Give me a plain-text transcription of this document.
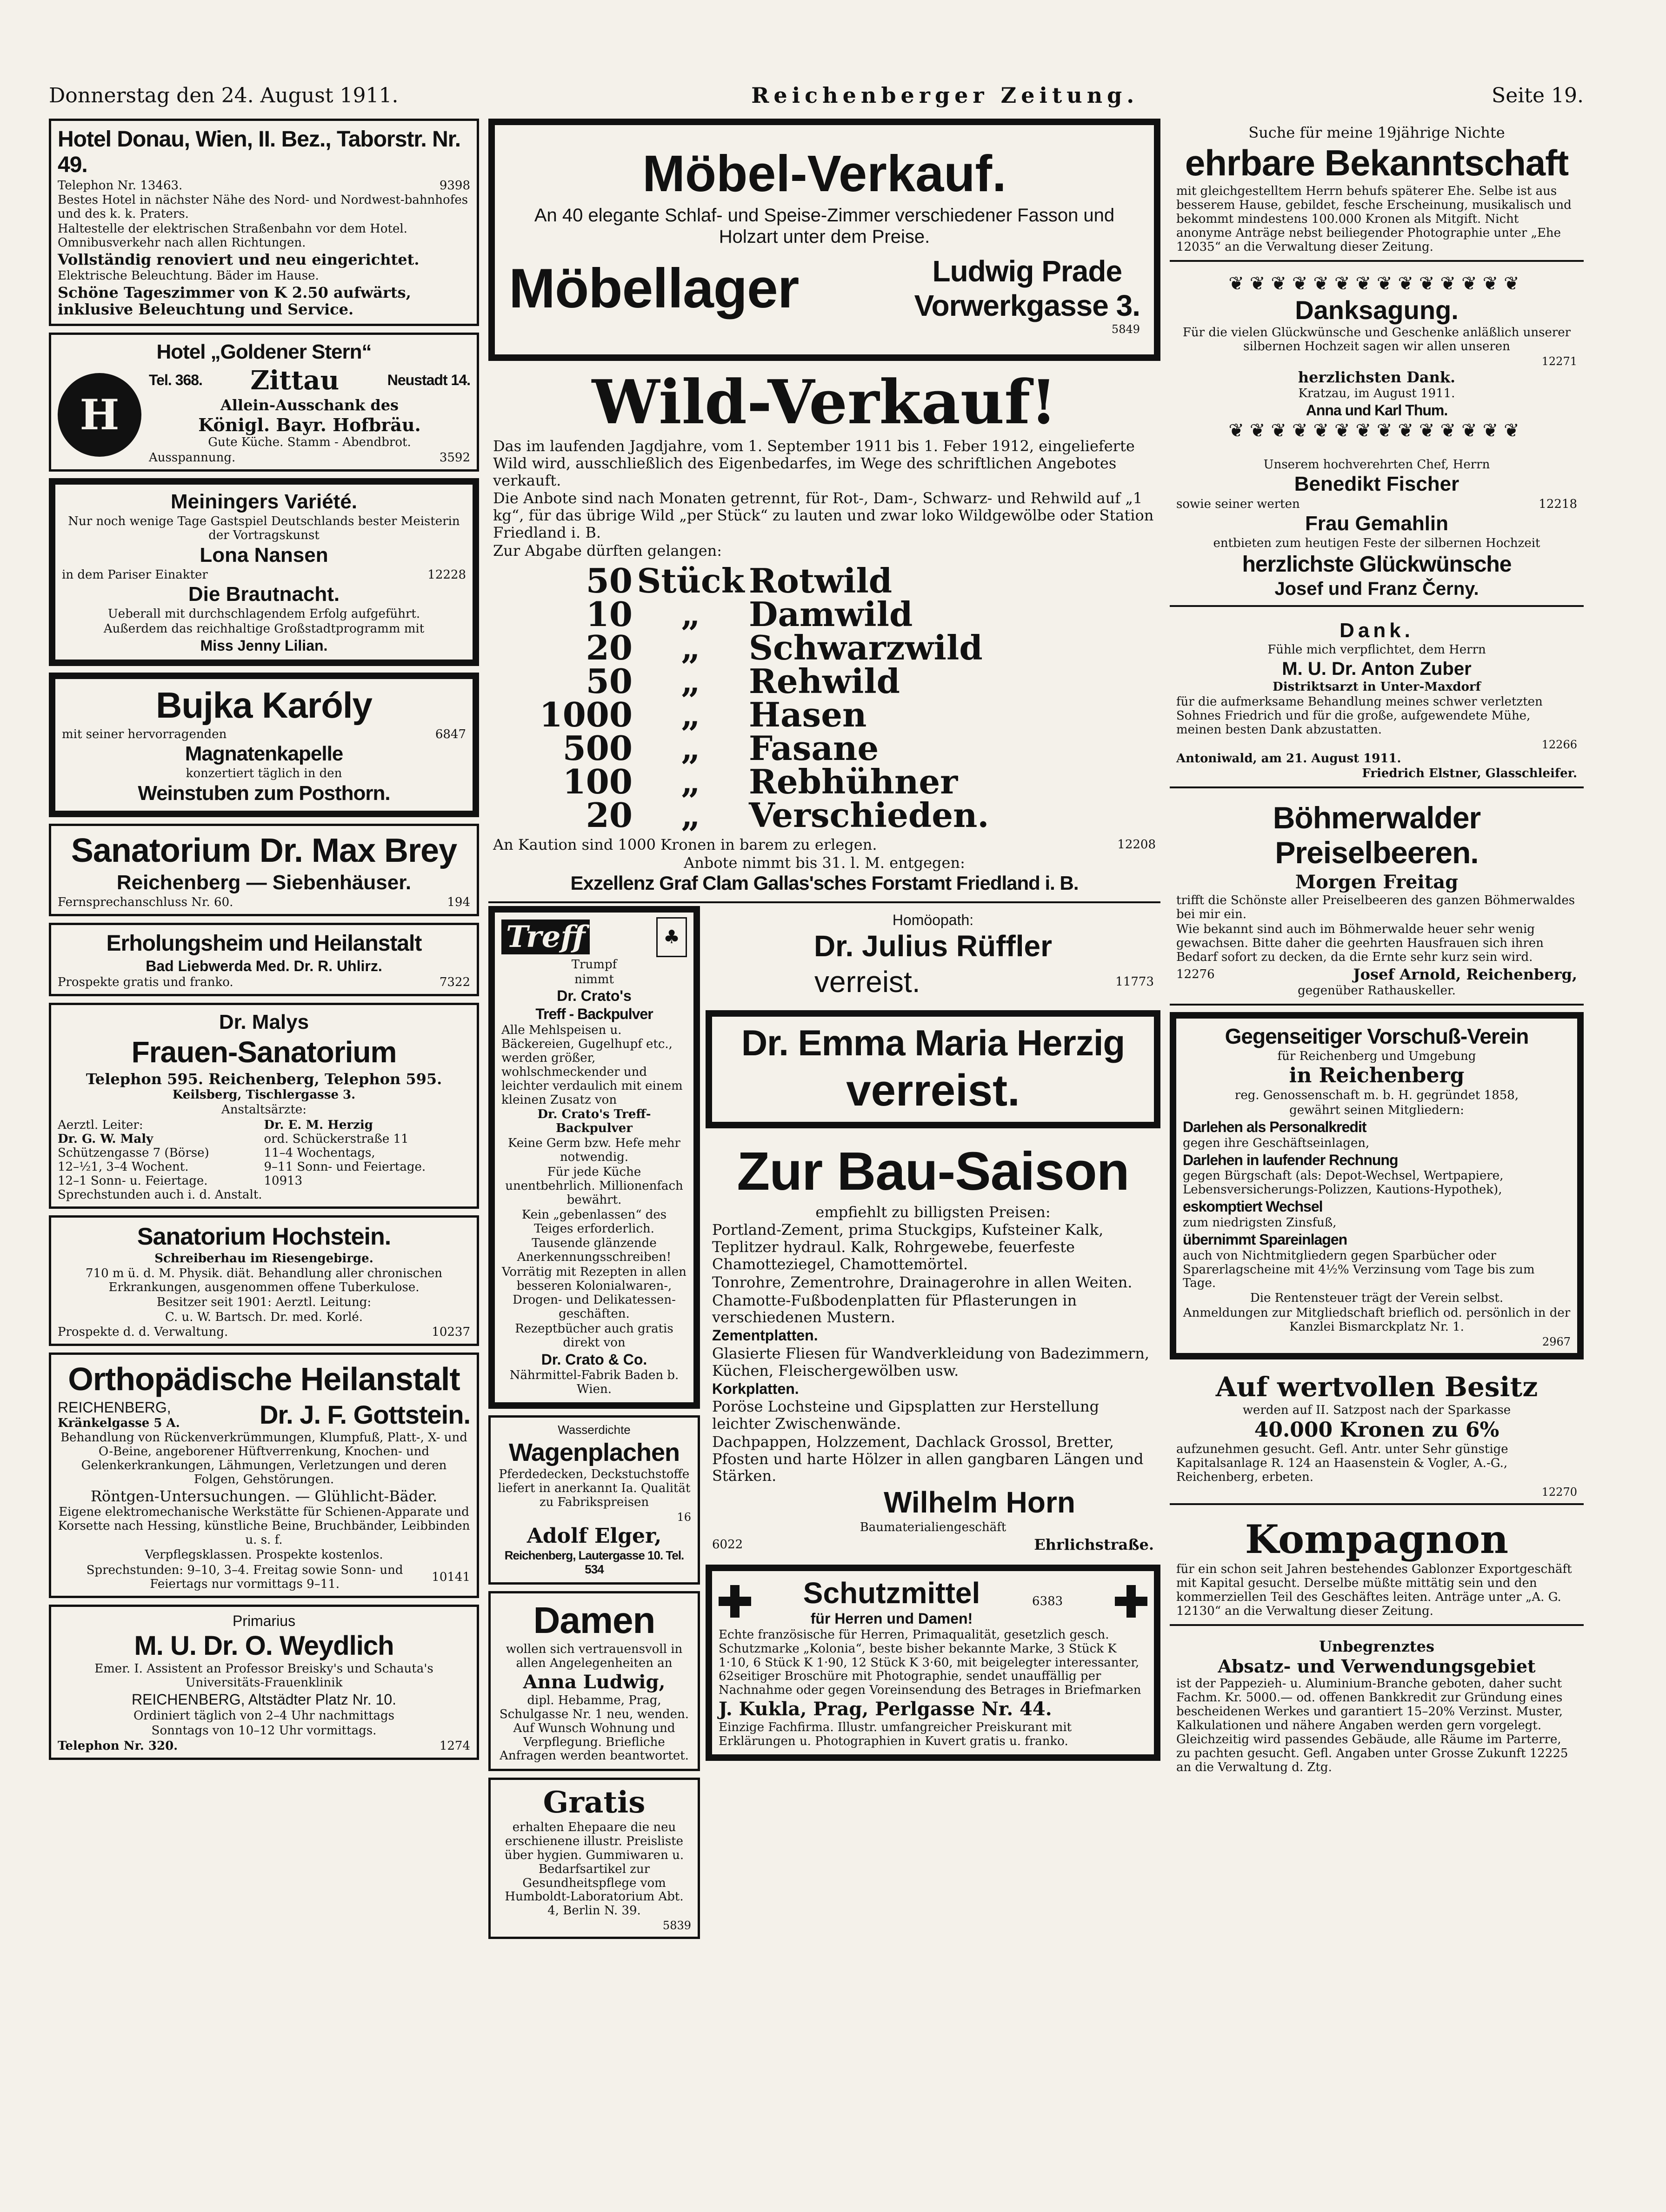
Donnerstag den 24. August 1911.	Reichenberger Zeitung.	Seite 19.
Hotel Donau, Wien, II. Bez., Taborstr. Nr. 49.
Telephon Nr. 13463.	9398
Bestes Hotel in nächster Nähe des Nord- und Nordwest-bahnhofes und des k. k. Praters.
Haltestelle der elektrischen Straßenbahn vor dem Hotel. Omnibusverkehr nach allen Richtungen.
Vollständig renoviert und neu eingerichtet.
Elektrische Beleuchtung. Bäder im Hause.
Schöne Tageszimmer von K 2.50 aufwärts, inklusive Beleuchtung und Service.
Hotel „Goldener Stern“
H
Tel. 368. Zittau	Neustadt 14.
Allein-Ausschank des
Königl. Bayr. Hofbräu.
Gute Küche. Stamm - Abendbrot.
Ausspannung.	3592
Meiningers Variété.
Nur noch wenige Tage Gastspiel Deutschlands bester Meisterin der Vortragskunst
Lona Nansen
in dem Pariser Einakter	12228
Die Brautnacht.
Ueberall mit durchschlagendem Erfolg aufgeführt.
Außerdem das reichhaltige Großstadtprogramm mit
Miss Jenny Lilian.
Bujka Karóly
mit seiner hervorragenden	6847
Magnatenkapelle
konzertiert täglich in den
Weinstuben zum Posthorn.
Sanatorium Dr. Max Brey
Reichenberg — Siebenhäuser.
Fernsprechanschluss Nr. 60.	194
Erholungsheim und Heilanstalt
Bad Liebwerda Med. Dr. R. Uhlirz.
Prospekte gratis und franko.	7322
Dr. Malys
Frauen-Sanatorium
Telephon 595. Reichenberg, Telephon 595.
Keilsberg, Tischlergasse 3.
Anstaltsärzte:
Aerztl. Leiter:
Dr. G. W. Maly
Schützengasse 7 (Börse)
12–½1, 3–4 Wochent.
12–1 Sonn- u. Feiertage.
Sprechstunden auch i. d. Anstalt.
Dr. E. M. Herzig
ord. Schückerstraße 11
11–4 Wochentags,
9–11 Sonn- und Feiertage.
10913
Sanatorium Hochstein.
Schreiberhau im Riesengebirge.
710 m ü. d. M. Physik. diät. Behandlung aller chronischen Erkrankungen, ausgenommen offene Tuberkulose.
Besitzer seit 1901: Aerztl. Leitung:
C. u. W. Bartsch. Dr. med. Korlé.
Prospekte d. d. Verwaltung.	10237
Orthopädische Heilanstalt
REICHENBERG,
Kränkelgasse 5 A.	Dr. J. F. Gottstein.
Behandlung von Rückenverkrümmungen, Klumpfuß, Platt-, X- und O-Beine, angeborener Hüftverrenkung, Knochen- und Gelenkerkrankungen, Lähmungen, Verletzungen und deren Folgen, Gehstörungen.
Röntgen-Untersuchungen. — Glühlicht-Bäder.
Eigene elektromechanische Werkstätte für Schienen-Apparate und Korsette nach Hessing, künstliche Beine, Bruchbänder, Leibbinden u. s. f.
Verpflegsklassen. Prospekte kostenlos.
Sprechstunden: 9–10, 3–4. Freitag sowie Sonn- und Feiertags nur vormittags 9–11.	10141
Primarius
M. U. Dr. O. Weydlich
Emer. I. Assistent an Professor Breisky's und Schauta's Universitäts-Frauenklinik
REICHENBERG, Altstädter Platz Nr. 10.
Ordiniert täglich von 2–4 Uhr nachmittags
Sonntags von 10–12 Uhr vormittags.
Telephon Nr. 320.	1274
Möbel-Verkauf.
An 40 elegante Schlaf- und Speise-Zimmer verschiedener Fasson und Holzart unter dem Preise.
Möbellager	Ludwig Prade
Vorwerkgasse 3.
5849
Wild-Verkauf!
Das im laufenden Jagdjahre, vom 1. September 1911 bis 1. Feber 1912, eingelieferte Wild wird, ausschließlich des Eigenbedarfes, im Wege des schriftlichen Angebotes verkauft.
Die Anbote sind nach Monaten getrennt, für Rot-, Dam-, Schwarz- und Rehwild auf „1 kg“, für das übrige Wild „per Stück“ zu lauten und zwar loko Wildgewölbe oder Station Friedland i. B.
Zur Abgabe dürften gelangen:
50 Stück Rotwild
10	„	Damwild
20	„	Schwarzwild
50	„	Rehwild
1000	„	Hasen
500	„	Fasane
100	„	Rebhühner
20	„	Verschieden.
An Kaution sind 1000 Kronen in barem zu erlegen.	12208
Anbote nimmt bis 31. l. M. entgegen:
Exzellenz Graf Clam Gallas'sches Forstamt Friedland i. B.
Treff	♣
Trumpf
nimmt
Dr. Crato's
Treff - Backpulver
Alle Mehlspeisen u. Bäckereien, Gugelhupf etc., werden größer, wohlschmeckender und leichter verdaulich mit einem kleinen Zusatz von
Dr. Crato's Treff-Backpulver
Keine Germ bzw. Hefe mehr notwendig.
Für jede Küche unentbehrlich. Millionenfach bewährt.
Kein „gebenlassen“ des Teiges erforderlich.
Tausende glänzende Anerkennungsschreiben!
Vorrätig mit Rezepten in allen besseren Kolonialwaren-, Drogen- und Delikatessen-geschäften.
Rezeptbücher auch gratis direkt von
Dr. Crato & Co.
Nährmittel-Fabrik Baden b. Wien.
Wasserdichte
Wagenplachen
Pferdedecken, Deckstuchstoffe liefert in anerkannt Ia. Qualität zu Fabrikspreisen
16
Adolf Elger,
Reichenberg, Lautergasse 10. Tel. 534
Damen
wollen sich vertrauensvoll in allen Angelegenheiten an
Anna Ludwig,
dipl. Hebamme, Prag, Schulgasse Nr. 1 neu, wenden. Auf Wunsch Wohnung und Verpflegung. Briefliche Anfragen werden beantwortet.
Gratis
erhalten Ehepaare die neu erschienene illustr. Preisliste über hygien. Gummiwaren u. Bedarfsartikel zur Gesundheitspflege vom Humboldt-Laboratorium Abt. 4, Berlin N. 39.
5839
Homöopath:
Dr. Julius Rüffler
verreist.	11773
Dr. Emma Maria Herzig
verreist.
Zur Bau-Saison
empfiehlt zu billigsten Preisen:
Portland-Zement, prima Stuckgips, Kufsteiner Kalk, Teplitzer hydraul. Kalk, Rohrgewebe, feuerfeste Chamotteziegel, Chamottemörtel.
Tonrohre, Zementrohre, Drainagerohre in allen Weiten.
Chamotte-Fußbodenplatten für Pflasterungen in verschiedenen Mustern.
Zementplatten.
Glasierte Fliesen für Wandverkleidung von Badezimmern, Küchen, Fleischergewölben usw.
Korkplatten.
Poröse Lochsteine und Gipsplatten zur Herstellung leichter Zwischenwände.
Dachpappen, Holzzement, Dachlack Grossol, Bretter, Pfosten und harte Hölzer in allen gangbaren Längen und Stärken.
Wilhelm Horn
Baumaterialiengeschäft
6022	Ehrlichstraße.
Schutzmittel
für Herren und Damen!
6383
Echte französische für Herren, Primaqualität, gesetzlich gesch. Schutzmarke „Kolonia“, beste bisher bekannte Marke, 3 Stück K 1·10, 6 Stück K 1·90, 12 Stück K 3·60, mit beigelegter interessanter, 62seitiger Broschüre mit Photographie, sendet unauffällig per Nachnahme oder gegen Voreinsendung des Betrages in Briefmarken
J. Kukla, Prag, Perlgasse Nr. 44.
Einzige Fachfirma. Illustr. umfangreicher Preiskurant mit Erklärungen u. Photographien in Kuvert gratis u. franko.
Suche für meine 19jährige Nichte
ehrbare Bekanntschaft
mit gleichgestelltem Herrn behufs späterer Ehe. Selbe ist aus besserem Hause, gebildet, fesche Erscheinung, musikalisch und bekommt mindestens 100.000 Kronen als Mitgift. Nicht anonyme Anträge nebst beiliegender Photographie unter „Ehe 12035“ an die Verwaltung dieser Zeitung.
❦❦❦❦❦❦❦❦❦❦❦❦❦❦
Danksagung.
Für die vielen Glückwünsche und Geschenke anläßlich unserer silbernen Hochzeit sagen wir allen unseren
12271
herzlichsten Dank.
Kratzau, im August 1911.
Anna und Karl Thum.
❦❦❦❦❦❦❦❦❦❦❦❦❦❦
Unserem hochverehrten Chef, Herrn
Benedikt Fischer
sowie seiner werten	12218
Frau Gemahlin
entbieten zum heutigen Feste der silbernen Hochzeit
herzlichste Glückwünsche
Josef und Franz Černy.
Dank.
Fühle mich verpflichtet, dem Herrn
M. U. Dr. Anton Zuber
Distriktsarzt in Unter-Maxdorf
für die aufmerksame Behandlung meines schwer verletzten Sohnes Friedrich und für die große, aufgewendete Mühe, meinen besten Dank abzustatten.
12266
Antoniwald, am 21. August 1911.
Friedrich Elstner, Glasschleifer.
Böhmerwalder Preiselbeeren.
Morgen Freitag
trifft die Schönste aller Preiselbeeren des ganzen Böhmerwaldes bei mir ein.
Wie bekannt sind auch im Böhmerwalde heuer sehr wenig gewachsen. Bitte daher die geehrten Hausfrauen sich ihren Bedarf sofort zu decken, da die Ernte sehr kurz sein wird.
12276	Josef Arnold, Reichenberg,
gegenüber Rathauskeller.
Gegenseitiger Vorschuß-Verein
für Reichenberg und Umgebung
in Reichenberg
reg. Genossenschaft m. b. H. gegründet 1858,
gewährt seinen Mitgliedern:
Darlehen als Personalkredit
gegen ihre Geschäftseinlagen,
Darlehen in laufender Rechnung
gegen Bürgschaft (als: Depot-Wechsel, Wertpapiere, Lebensversicherungs-Polizzen, Kautions-Hypothek),
eskomptiert Wechsel
zum niedrigsten Zinsfuß,
übernimmt Spareinlagen
auch von Nichtmitgliedern gegen Sparbücher oder Sparerlagscheine mit 4½% Verzinsung vom Tage bis zum Tage.
Die Rentensteuer trägt der Verein selbst.
Anmeldungen zur Mitgliedschaft brieflich od. persönlich in der Kanzlei Bismarckplatz Nr. 1.
2967
Auf wertvollen Besitz
werden auf II. Satzpost nach der Sparkasse
40.000 Kronen zu 6%
aufzunehmen gesucht. Gefl. Antr. unter Sehr günstige Kapitalsanlage R. 124 an Haasenstein & Vogler, A.-G., Reichenberg, erbeten.
12270
Kompagnon
für ein schon seit Jahren bestehendes Gablonzer Exportgeschäft mit Kapital gesucht. Derselbe müßte mittätig sein und den kommerziellen Teil des Geschäftes leiten. Anträge unter „A. G. 12130“ an die Verwaltung dieser Zeitung.
Unbegrenztes
Absatz- und Verwendungsgebiet
ist der Pappezieh- u. Aluminium-Branche geboten, daher sucht Fachm. Kr. 5000.— od. offenen Bankkredit zur Gründung eines bescheidenen Werkes und garantiert 15–20% Verzinst. Muster, Kalkulationen und nähere Angaben werden gern vorgelegt. Gleichzeitig wird passendes Gebäude, alle Räume im Parterre, zu pachten gesucht. Gefl. Angaben unter Grosse Zukunft 12225 an die Verwaltung d. Ztg.
